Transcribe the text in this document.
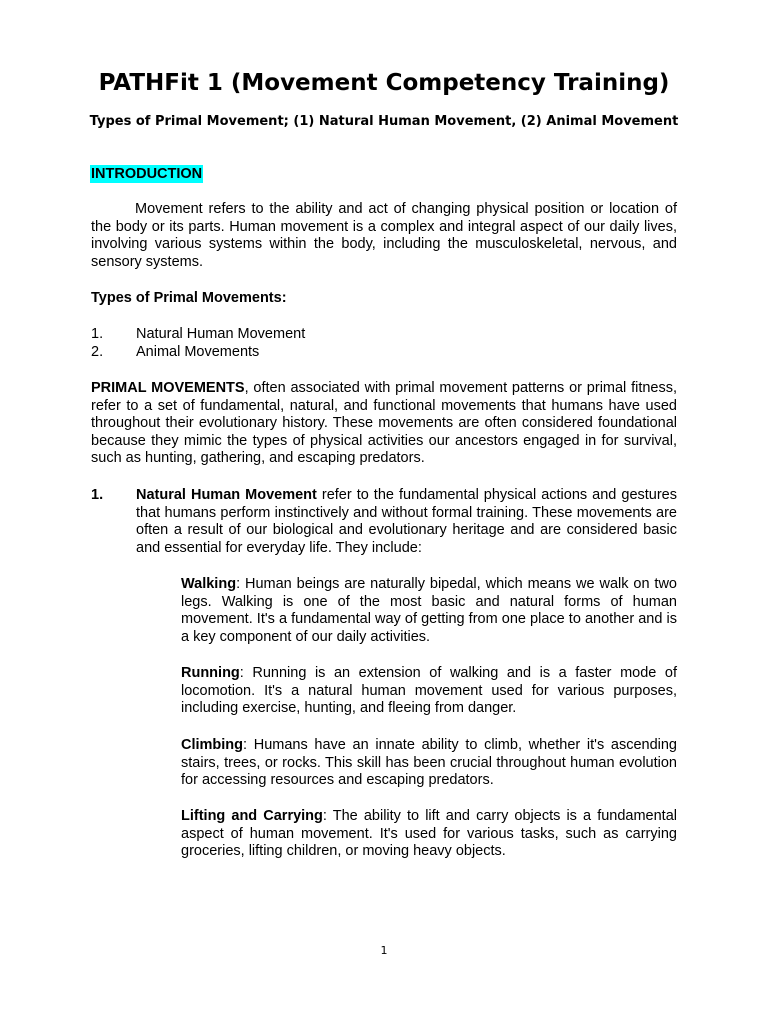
PATHFit 1 (Movement Competency Training)
Types of Primal Movement; (1) Natural Human Movement, (2) Animal Movement
INTRODUCTION
Movement refers to the ability and act of changing physical position or location of the body or its parts. Human movement is a complex and integral aspect of our daily lives, involving various systems within the body, including the musculoskeletal, nervous, and sensory systems.
Types of Primal Movements:
1.	Natural Human Movement
2.	Animal Movements
PRIMAL MOVEMENTS, often associated with primal movement patterns or primal fitness, refer to a set of fundamental, natural, and functional movements that humans have used throughout their evolutionary history. These movements are often considered foundational because they mimic the types of physical activities our ancestors engaged in for survival, such as hunting, gathering, and escaping predators.
1.	Natural Human Movement refer to the fundamental physical actions and gestures that humans perform instinctively and without formal training. These movements are often a result of our biological and evolutionary heritage and are considered basic and essential for everyday life. They include:
Walking: Human beings are naturally bipedal, which means we walk on two legs. Walking is one of the most basic and natural forms of human movement. It's a fundamental way of getting from one place to another and is a key component of our daily activities.
Running: Running is an extension of walking and is a faster mode of locomotion. It's a natural human movement used for various purposes, including exercise, hunting, and fleeing from danger.
Climbing: Humans have an innate ability to climb, whether it's ascending stairs, trees, or rocks. This skill has been crucial throughout human evolution for accessing resources and escaping predators.
Lifting and Carrying: The ability to lift and carry objects is a fundamental aspect of human movement. It's used for various tasks, such as carrying groceries, lifting children, or moving heavy objects.
1
